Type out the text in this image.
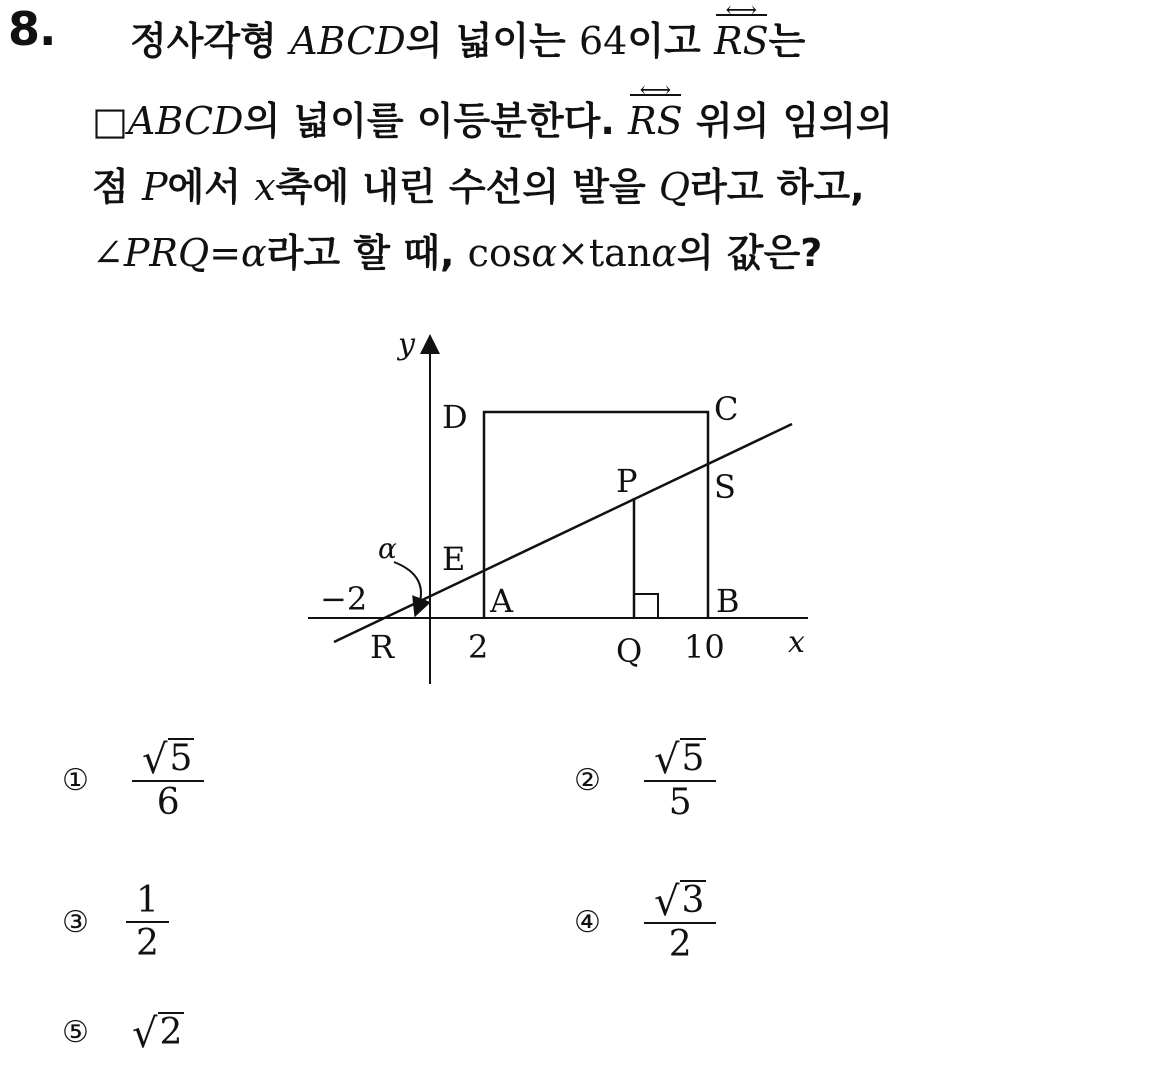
8. 정사각형 ABCD의 넓이는 64이고 RS ⟷는
□ABCD의 넓이를 이등분한다. RS ⟷ 위의 임의의
점 P에서 x축에 내린 수선의 발을 Q라고 하고,
∠PRQ=α라고 할 때, cosα×tanα의 값은?
y
x
D	C
P S
α E
−2	A	B
R 2	Q 10
①	$\frac{√ 5}{6}$	②	$\frac{√ 5}{5}$
③	$\frac{1}{2}$	④	$\frac{√ 3}{2}$
⑤	√ 2
